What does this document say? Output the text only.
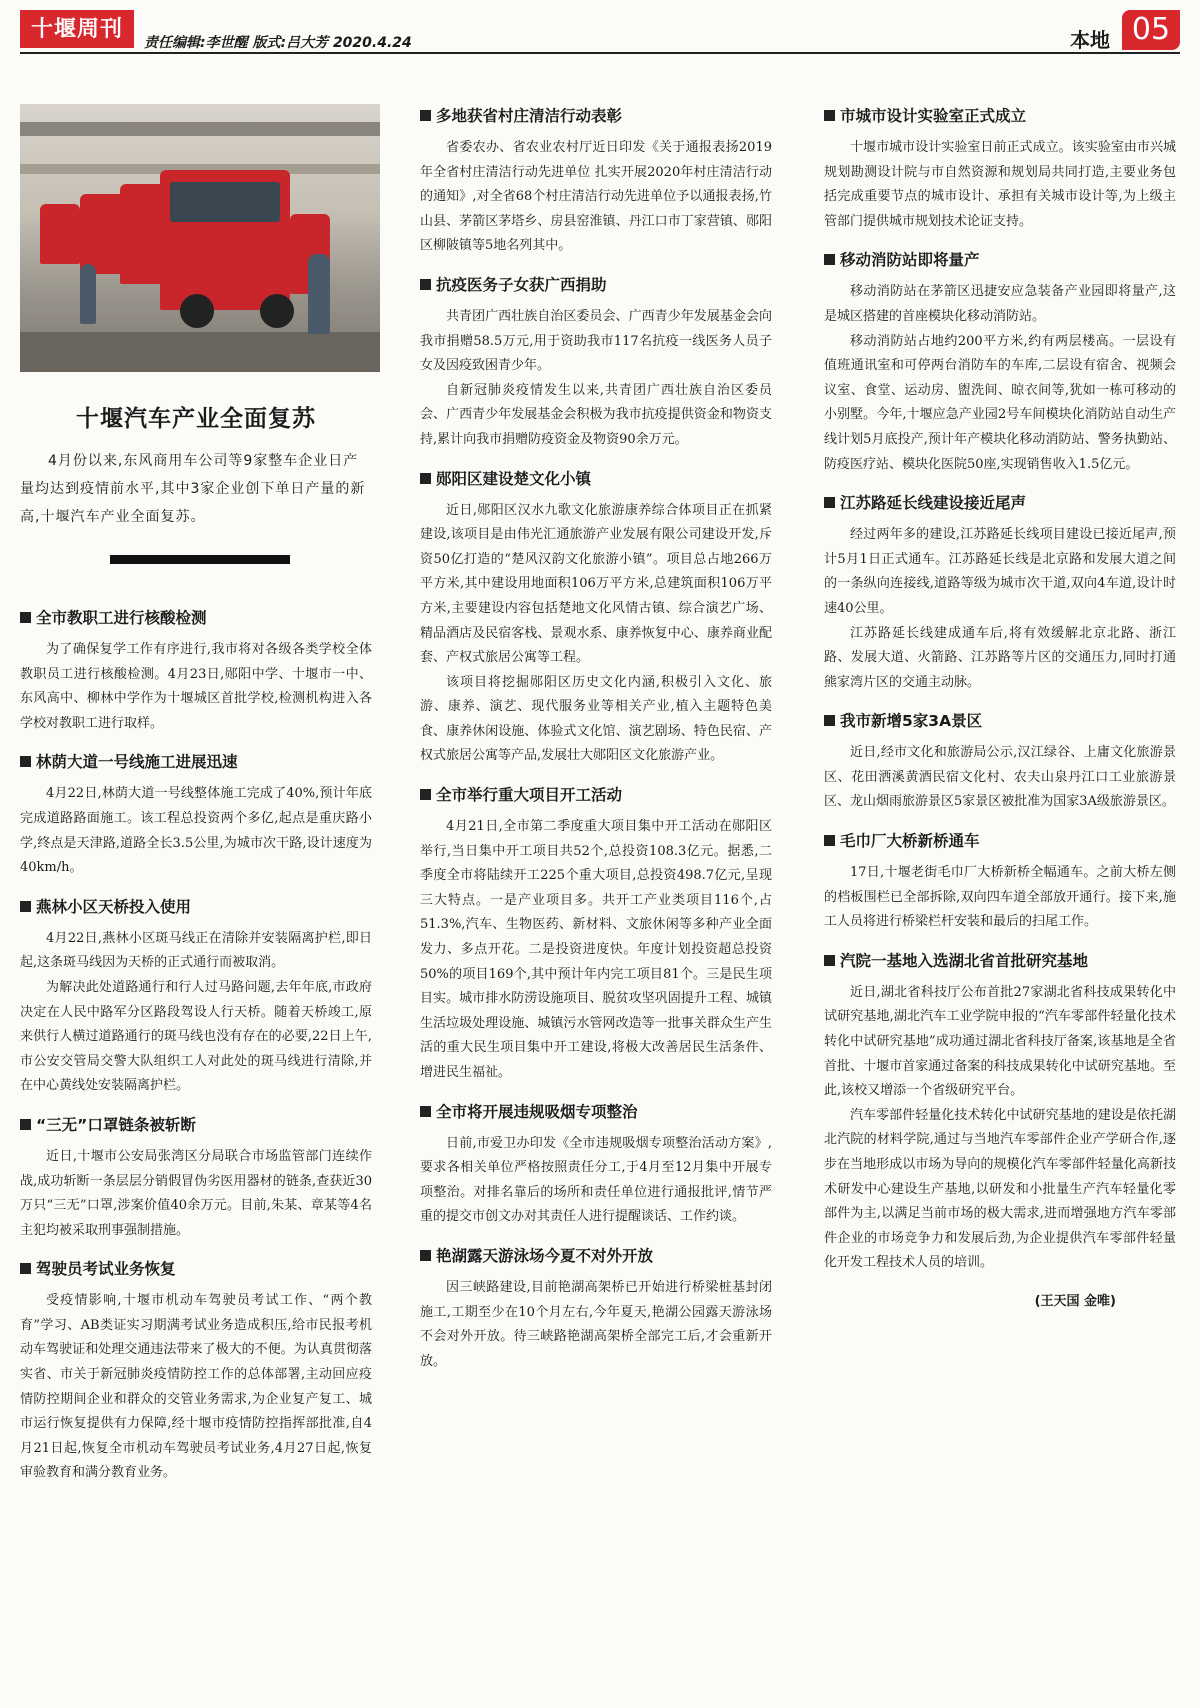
十堰周刊
责任编辑:李世醒 版式:吕大芳 2020.4.24	本地 05
十堰汽车产业全面复苏
4月份以来,东风商用车公司等9家整车企业日产量均达到疫情前水平,其中3家企业创下单日产量的新高,十堰汽车产业全面复苏。
全市教职工进行核酸检测

为了确保复学工作有序进行,我市将对各级各类学校全体教职员工进行核酸检测。4月23日,郧阳中学、十堰市一中、东风高中、柳林中学作为十堰城区首批学校,检测机构进入各学校对教职工进行取样。

林荫大道一号线施工进展迅速

4月22日,林荫大道一号线整体施工完成了40%,预计年底完成道路路面施工。该工程总投资两个多亿,起点是重庆路小学,终点是天津路,道路全长3.5公里,为城市次干路,设计速度为40km/h。

燕林小区天桥投入使用

4月22日,燕林小区斑马线正在清除并安装隔离护栏,即日起,这条斑马线因为天桥的正式通行而被取消。

为解决此处道路通行和行人过马路问题,去年年底,市政府决定在人民中路军分区路段驾设人行天桥。随着天桥竣工,原来供行人横过道路通行的斑马线也没有存在的必要,22日上午,市公安交管局交警大队组织工人对此处的斑马线进行清除,并在中心黄线处安装隔离护栏。

“三无”口罩链条被斩断

近日,十堰市公安局张湾区分局联合市场监管部门连续作战,成功斩断一条层层分销假冒伪劣医用器材的链条,查获近30万只“三无”口罩,涉案价值40余万元。目前,朱某、章某等4名主犯均被采取刑事强制措施。

驾驶员考试业务恢复

受疫情影响,十堰市机动车驾驶员考试工作、“两个教育”学习、AB类证实习期满考试业务造成积压,给市民报考机动车驾驶证和处理交通违法带来了极大的不便。为认真贯彻落实省、市关于新冠肺炎疫情防控工作的总体部署,主动回应疫情防控期间企业和群众的交管业务需求,为企业复产复工、城市运行恢复提供有力保障,经十堰市疫情防控指挥部批准,自4月21日起,恢复全市机动车驾驶员考试业务,4月27日起,恢复审验教育和满分教育业务。

多地获省村庄清洁行动表彰

省委农办、省农业农村厅近日印发《关于通报表扬2019年全省村庄清洁行动先进单位 扎实开展2020年村庄清洁行动的通知》,对全省68个村庄清洁行动先进单位予以通报表扬,竹山县、茅箭区茅塔乡、房县窑淮镇、丹江口市丁家营镇、郧阳区柳陂镇等5地名列其中。

抗疫医务子女获广西捐助

共青团广西壮族自治区委员会、广西青少年发展基金会向我市捐赠58.5万元,用于资助我市117名抗疫一线医务人员子女及因疫致困青少年。

自新冠肺炎疫情发生以来,共青团广西壮族自治区委员会、广西青少年发展基金会积极为我市抗疫提供资金和物资支持,累计向我市捐赠防疫资金及物资90余万元。

郧阳区建设楚文化小镇

近日,郧阳区汉水九歌文化旅游康养综合体项目正在抓紧建设,该项目是由伟光汇通旅游产业发展有限公司建设开发,斥资50亿打造的“楚风汉韵文化旅游小镇”。项目总占地266万平方米,其中建设用地面积106万平方米,总建筑面积106万平方米,主要建设内容包括楚地文化风情古镇、综合演艺广场、精品酒店及民宿客栈、景观水系、康养恢复中心、康养商业配套、产权式旅居公寓等工程。

该项目将挖掘郧阳区历史文化内涵,积极引入文化、旅游、康养、演艺、现代服务业等相关产业,植入主题特色美食、康养休闲设施、体验式文化馆、演艺剧场、特色民宿、产权式旅居公寓等产品,发展壮大郧阳区文化旅游产业。

全市举行重大项目开工活动

4月21日,全市第二季度重大项目集中开工活动在郧阳区举行,当日集中开工项目共52个,总投资108.3亿元。据悉,二季度全市将陆续开工225个重大项目,总投资498.7亿元,呈现三大特点。一是产业项目多。共开工产业类项目116个,占51.3%,汽车、生物医药、新材料、文旅休闲等多种产业全面发力、多点开花。二是投资进度快。年度计划投资超总投资50%的项目169个,其中预计年内完工项目81个。三是民生项目实。城市排水防涝设施项目、脱贫攻坚巩固提升工程、城镇生活垃圾处理设施、城镇污水管网改造等一批事关群众生产生活的重大民生项目集中开工建设,将极大改善居民生活条件、增进民生福祉。

全市将开展违规吸烟专项整治

日前,市爱卫办印发《全市违规吸烟专项整治活动方案》,要求各相关单位严格按照责任分工,于4月至12月集中开展专项整治。对排名靠后的场所和责任单位进行通报批评,情节严重的提交市创文办对其责任人进行提醒谈话、工作约谈。

艳湖露天游泳场今夏不对外开放

因三峡路建设,目前艳湖高架桥已开始进行桥梁桩基封闭施工,工期至少在10个月左右,今年夏天,艳湖公园露天游泳场不会对外开放。待三峡路艳湖高架桥全部完工后,才会重新开放。

市城市设计实验室正式成立

十堰市城市设计实验室日前正式成立。该实验室由市兴城规划勘测设计院与市自然资源和规划局共同打造,主要业务包括完成重要节点的城市设计、承担有关城市设计等,为上级主管部门提供城市规划技术论证支持。

移动消防站即将量产

移动消防站在茅箭区迅捷安应急装备产业园即将量产,这是城区搭建的首座模块化移动消防站。

移动消防站占地约200平方米,约有两层楼高。一层设有值班通讯室和可停两台消防车的车库,二层设有宿舍、视频会议室、食堂、运动房、盥洗间、晾衣间等,犹如一栋可移动的小别墅。今年,十堰应急产业园2号车间模块化消防站自动生产线计划5月底投产,预计年产模块化移动消防站、警务执勤站、防疫医疗站、模块化医院50座,实现销售收入1.5亿元。

江苏路延长线建设接近尾声

经过两年多的建设,江苏路延长线项目建设已接近尾声,预计5月1日正式通车。江苏路延长线是北京路和发展大道之间的一条纵向连接线,道路等级为城市次干道,双向4车道,设计时速40公里。

江苏路延长线建成通车后,将有效缓解北京北路、浙江路、发展大道、火箭路、江苏路等片区的交通压力,同时打通熊家湾片区的交通主动脉。

我市新增5家3A景区

近日,经市文化和旅游局公示,汉江绿谷、上庸文化旅游景区、花田洒溪黄酒民宿文化村、农夫山泉丹江口工业旅游景区、龙山烟雨旅游景区5家景区被批准为国家3A级旅游景区。

毛巾厂大桥新桥通车

17日,十堰老街毛巾厂大桥新桥全幅通车。之前大桥左侧的档板围栏已全部拆除,双向四车道全部放开通行。接下来,施工人员将进行桥梁栏杆安装和最后的扫尾工作。

汽院一基地入选湖北省首批研究基地

近日,湖北省科技厅公布首批27家湖北省科技成果转化中试研究基地,湖北汽车工业学院申报的“汽车零部件轻量化技术转化中试研究基地”成功通过湖北省科技厅备案,该基地是全省首批、十堰市首家通过备案的科技成果转化中试研究基地。至此,该校又增添一个省级研究平台。

汽车零部件轻量化技术转化中试研究基地的建设是依托湖北汽院的材料学院,通过与当地汽车零部件企业产学研合作,逐步在当地形成以市场为导向的规模化汽车零部件轻量化高新技术研发中心建设生产基地,以研发和小批量生产汽车轻量化零部件为主,以满足当前市场的极大需求,进而增强地方汽车零部件企业的市场竞争力和发展后劲,为企业提供汽车零部件轻量化开发工程技术人员的培训。

(王天国 金唯)
